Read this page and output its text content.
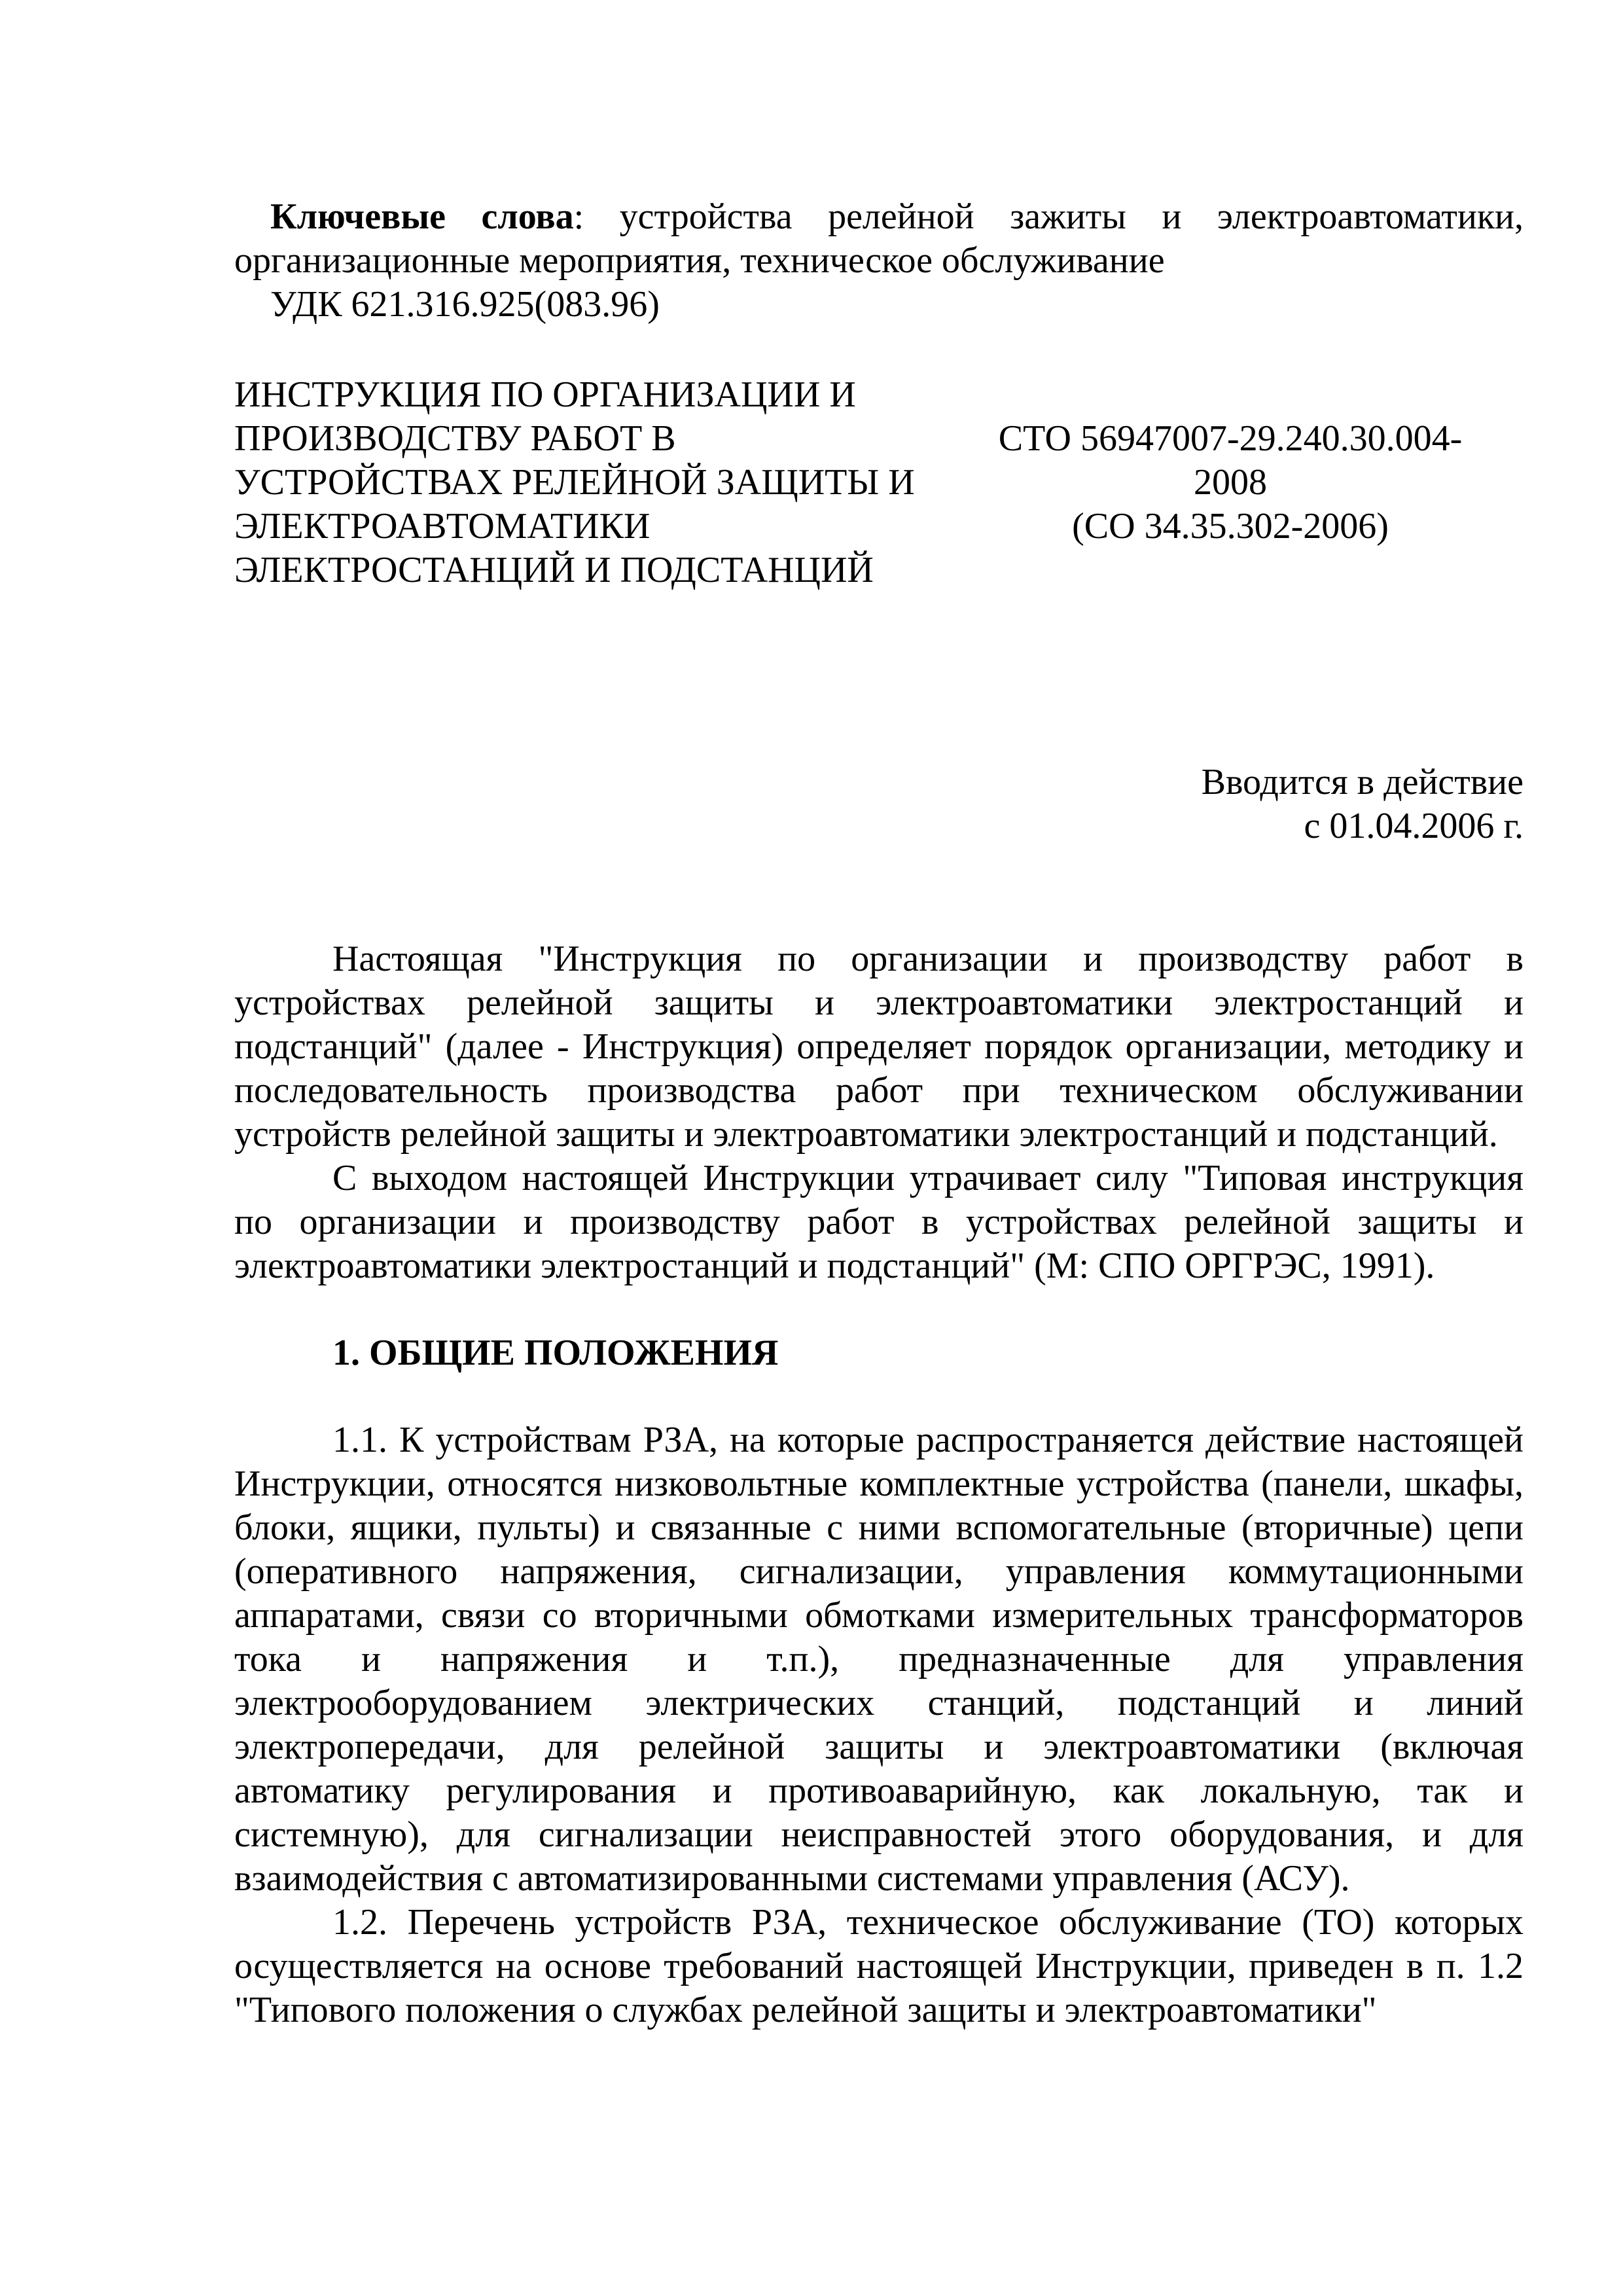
Ключевые слова: устройства релейной зажиты и электроавтоматики,
организационные мероприятия, техническое обслуживание
УДК 621.316.925(083.96)
ИНСТРУКЦИЯ ПО ОРГАНИЗАЦИИ И
ПРОИЗВОДСТВУ РАБОТ В
УСТРОЙСТВАХ РЕЛЕЙНОЙ ЗАЩИТЫ И
ЭЛЕКТРОАВТОМАТИКИ
ЭЛЕКТРОСТАНЦИЙ И ПОДСТАНЦИЙ
СТО 56947007-29.240.30.004-
2008
(СО 34.35.302-2006)
Вводится в действие
с 01.04.2006 г.

Настоящая "Инструкция по организации и производству работ в устройствах релейной защиты и электроавтоматики электростанций и подстанций" (далее - Инструкция) определяет порядок организации, методику и последовательность производства работ при техническом обслуживании устройств релейной защиты и электроавтоматики электростанций и подстанций.

С выходом настоящей Инструкции утрачивает силу "Типовая инструкция по организации и производству работ в устройствах релейной защиты и электроавтоматики электростанций и подстанций" (М: СПО ОРГРЭС, 1991).

1. ОБЩИЕ ПОЛОЖЕНИЯ

1.1. К устройствам РЗА, на которые распространяется действие настоящей Инструкции, относятся низковольтные комплектные устройства (панели, шкафы, блоки, ящики, пульты) и связанные с ними вспомогательные (вторичные) цепи (оперативного напряжения, сигнализации, управления коммутационными аппаратами, связи со вторичными обмотками измерительных трансформаторов тока и напряжения и т.п.), предназначенные для управления электрооборудованием электрических станций, подстанций и линий электропередачи, для релейной защиты и электроавтоматики (включая автоматику регулирования и противоаварийную, как локальную, так и системную), для сигнализации неисправностей этого оборудования, и для взаимодействия с автоматизированными системами управления (АСУ).

1.2. Перечень устройств РЗА, техническое обслуживание (ТО) которых осуществляется на основе требований настоящей Инструкции, приведен в п. 1.2 "Типового положения о службах релейной защиты и электроавтоматики"
